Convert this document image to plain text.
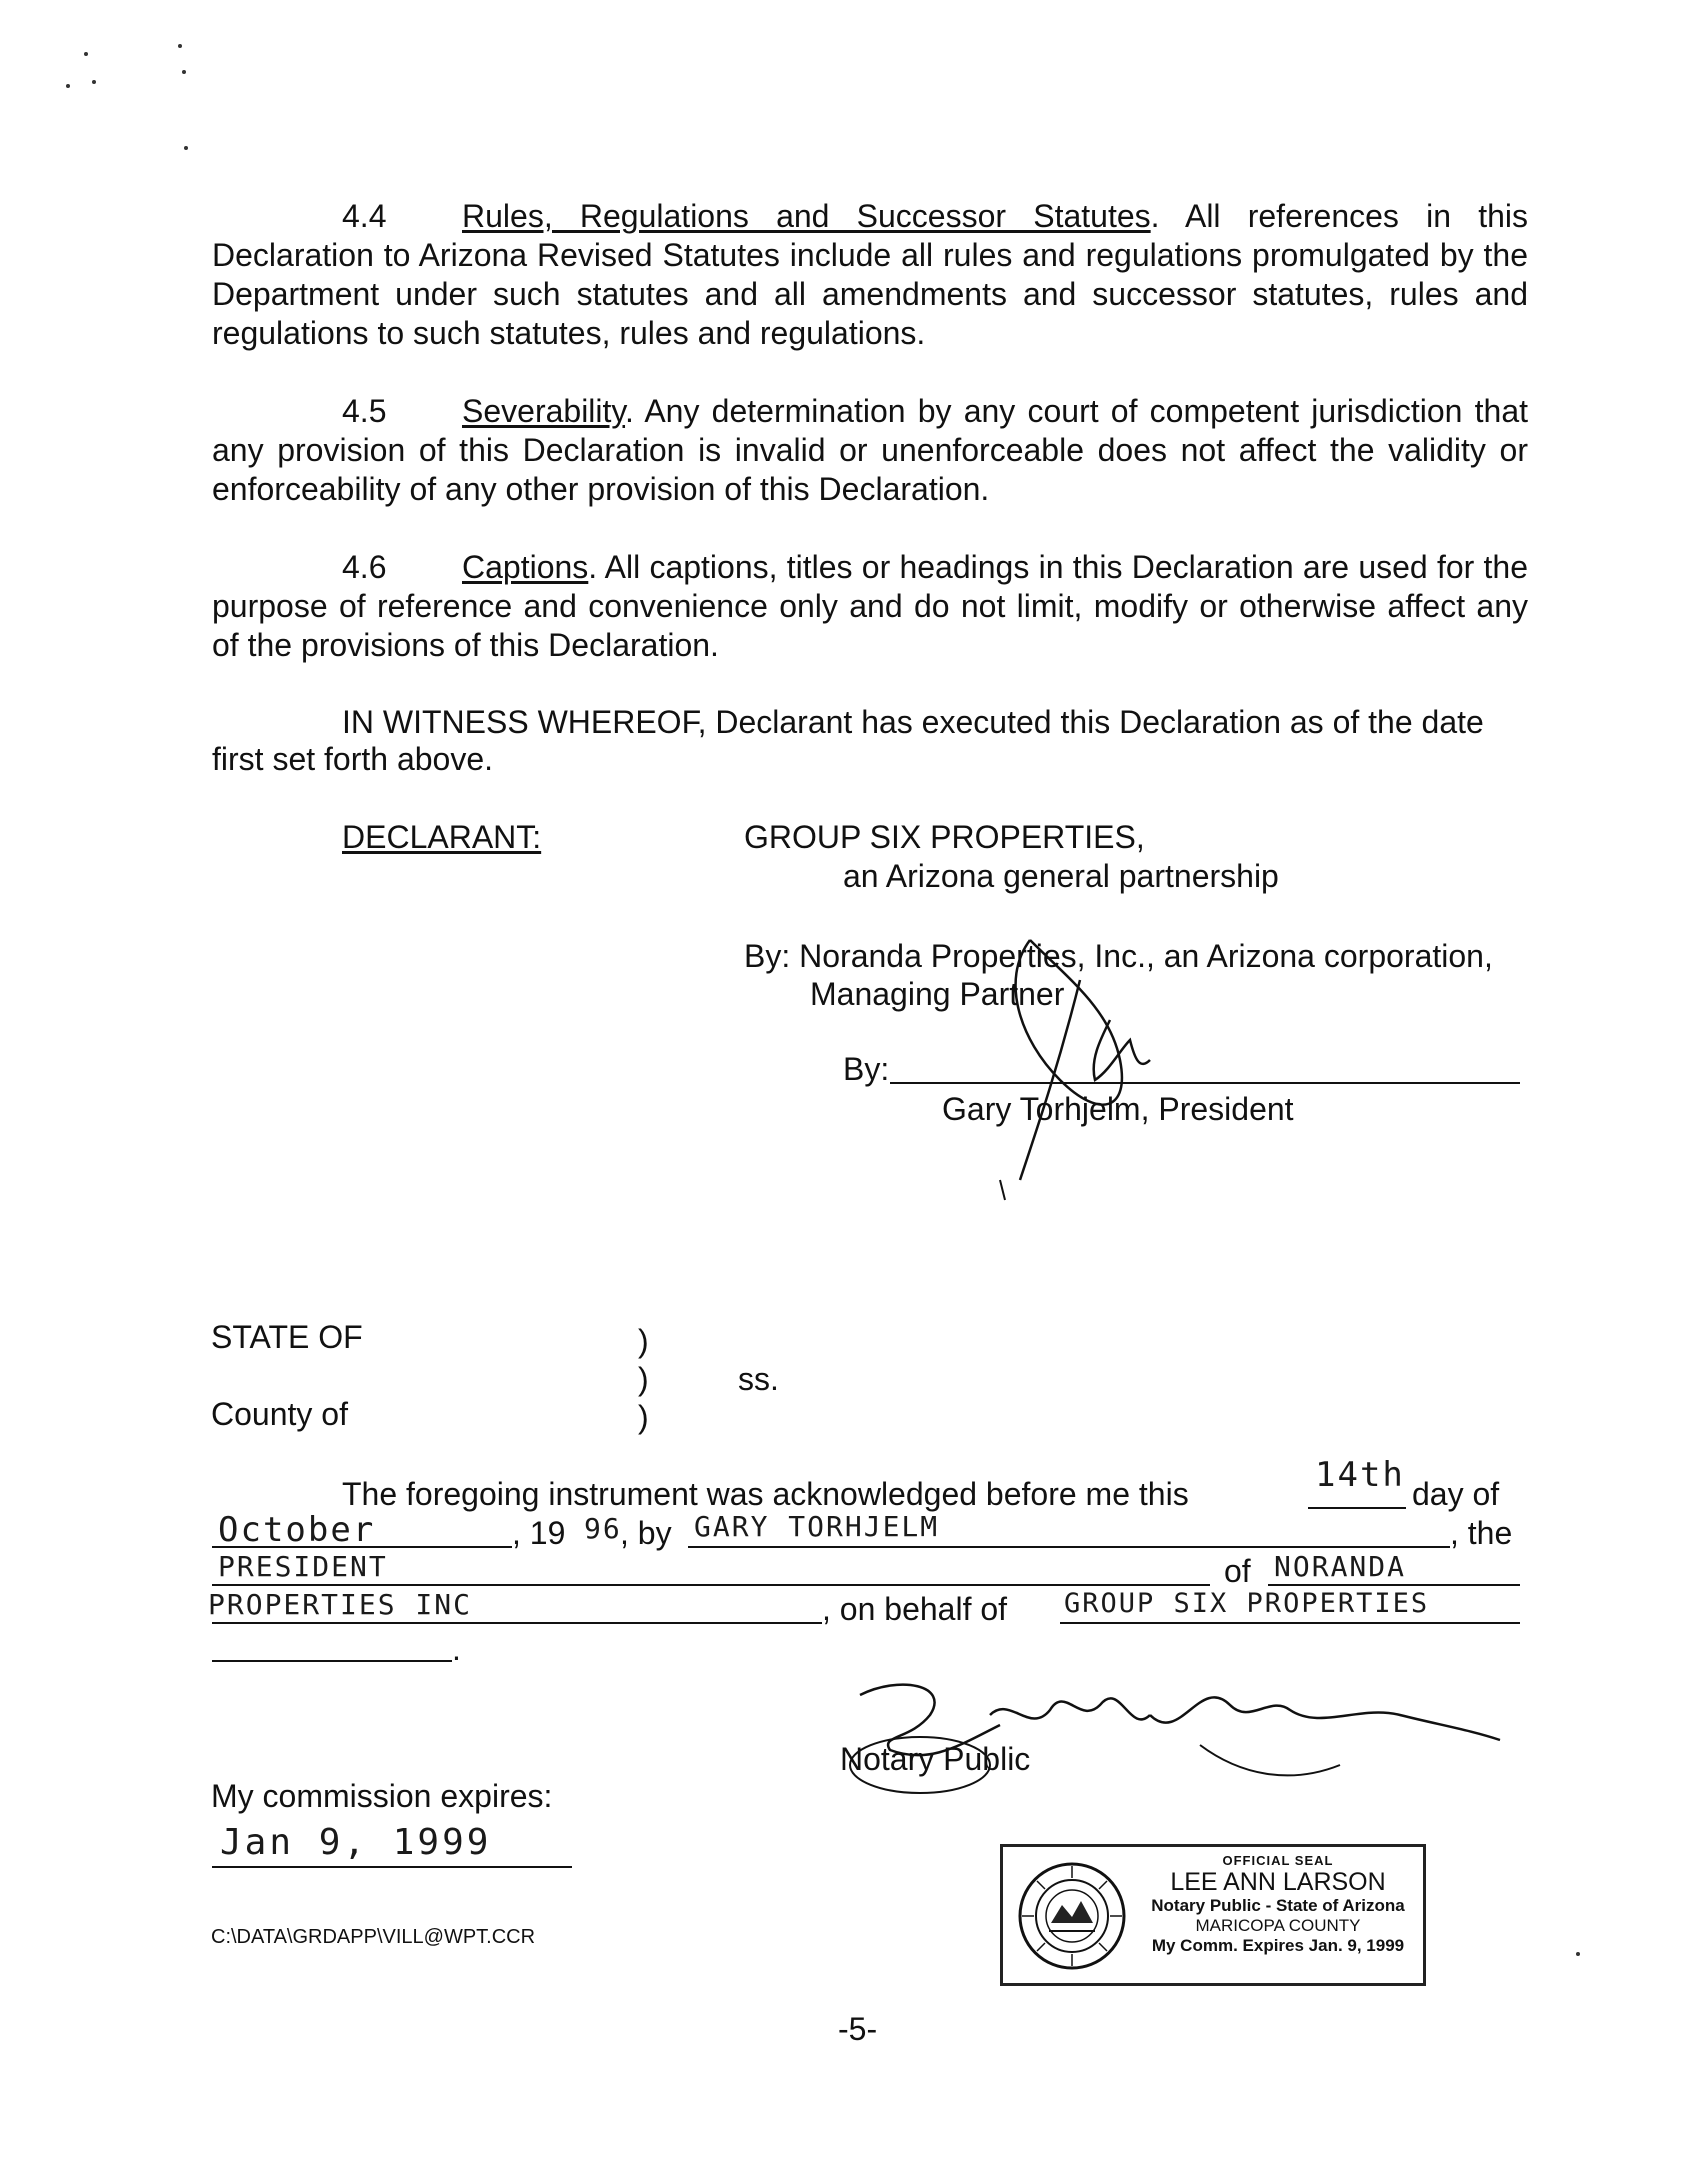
4.4 Rules, Regulations and Successor Statutes. All references in this Declaration to Arizona Revised Statutes include all rules and regulations promulgated by the Department under such statutes and all amendments and successor statutes, rules and regulations to such statutes, rules and regulations.
4.5 Severability. Any determination by any court of competent jurisdiction that any provision of this Declaration is invalid or unenforceable does not affect the validity or enforceability of any other provision of this Declaration.
4.6 Captions. All captions, titles or headings in this Declaration are used for the purpose of reference and convenience only and do not limit, modify or otherwise affect any of the provisions of this Declaration.
IN WITNESS WHEREOF, Declarant has executed this Declaration as of the date
first set forth above.
DECLARANT:	GROUP SIX PROPERTIES,
an Arizona general partnership
By: Noranda Properties, Inc., an Arizona corporation,
Managing Partner
By:
Gary Torhjelm, President
STATE OF	)
)	ss.
County of	)
The foregoing instrument was acknowledged before me this	14th day of
October	, 19 96
, by GARY TORHJELM	, the
PRESIDENT	of NORANDA
PROPERTIES INC	, on behalf of GROUP SIX PROPERTIES
.
Notary Public
My commission expires:
Jan 9, 1999
C:\DATA\GRDAPP\VILL@WPT.CCR
OFFICIAL SEAL
LEE ANN LARSON
Notary Public - State of Arizona
MARICOPA COUNTY
My Comm. Expires Jan. 9, 1999
-5-
